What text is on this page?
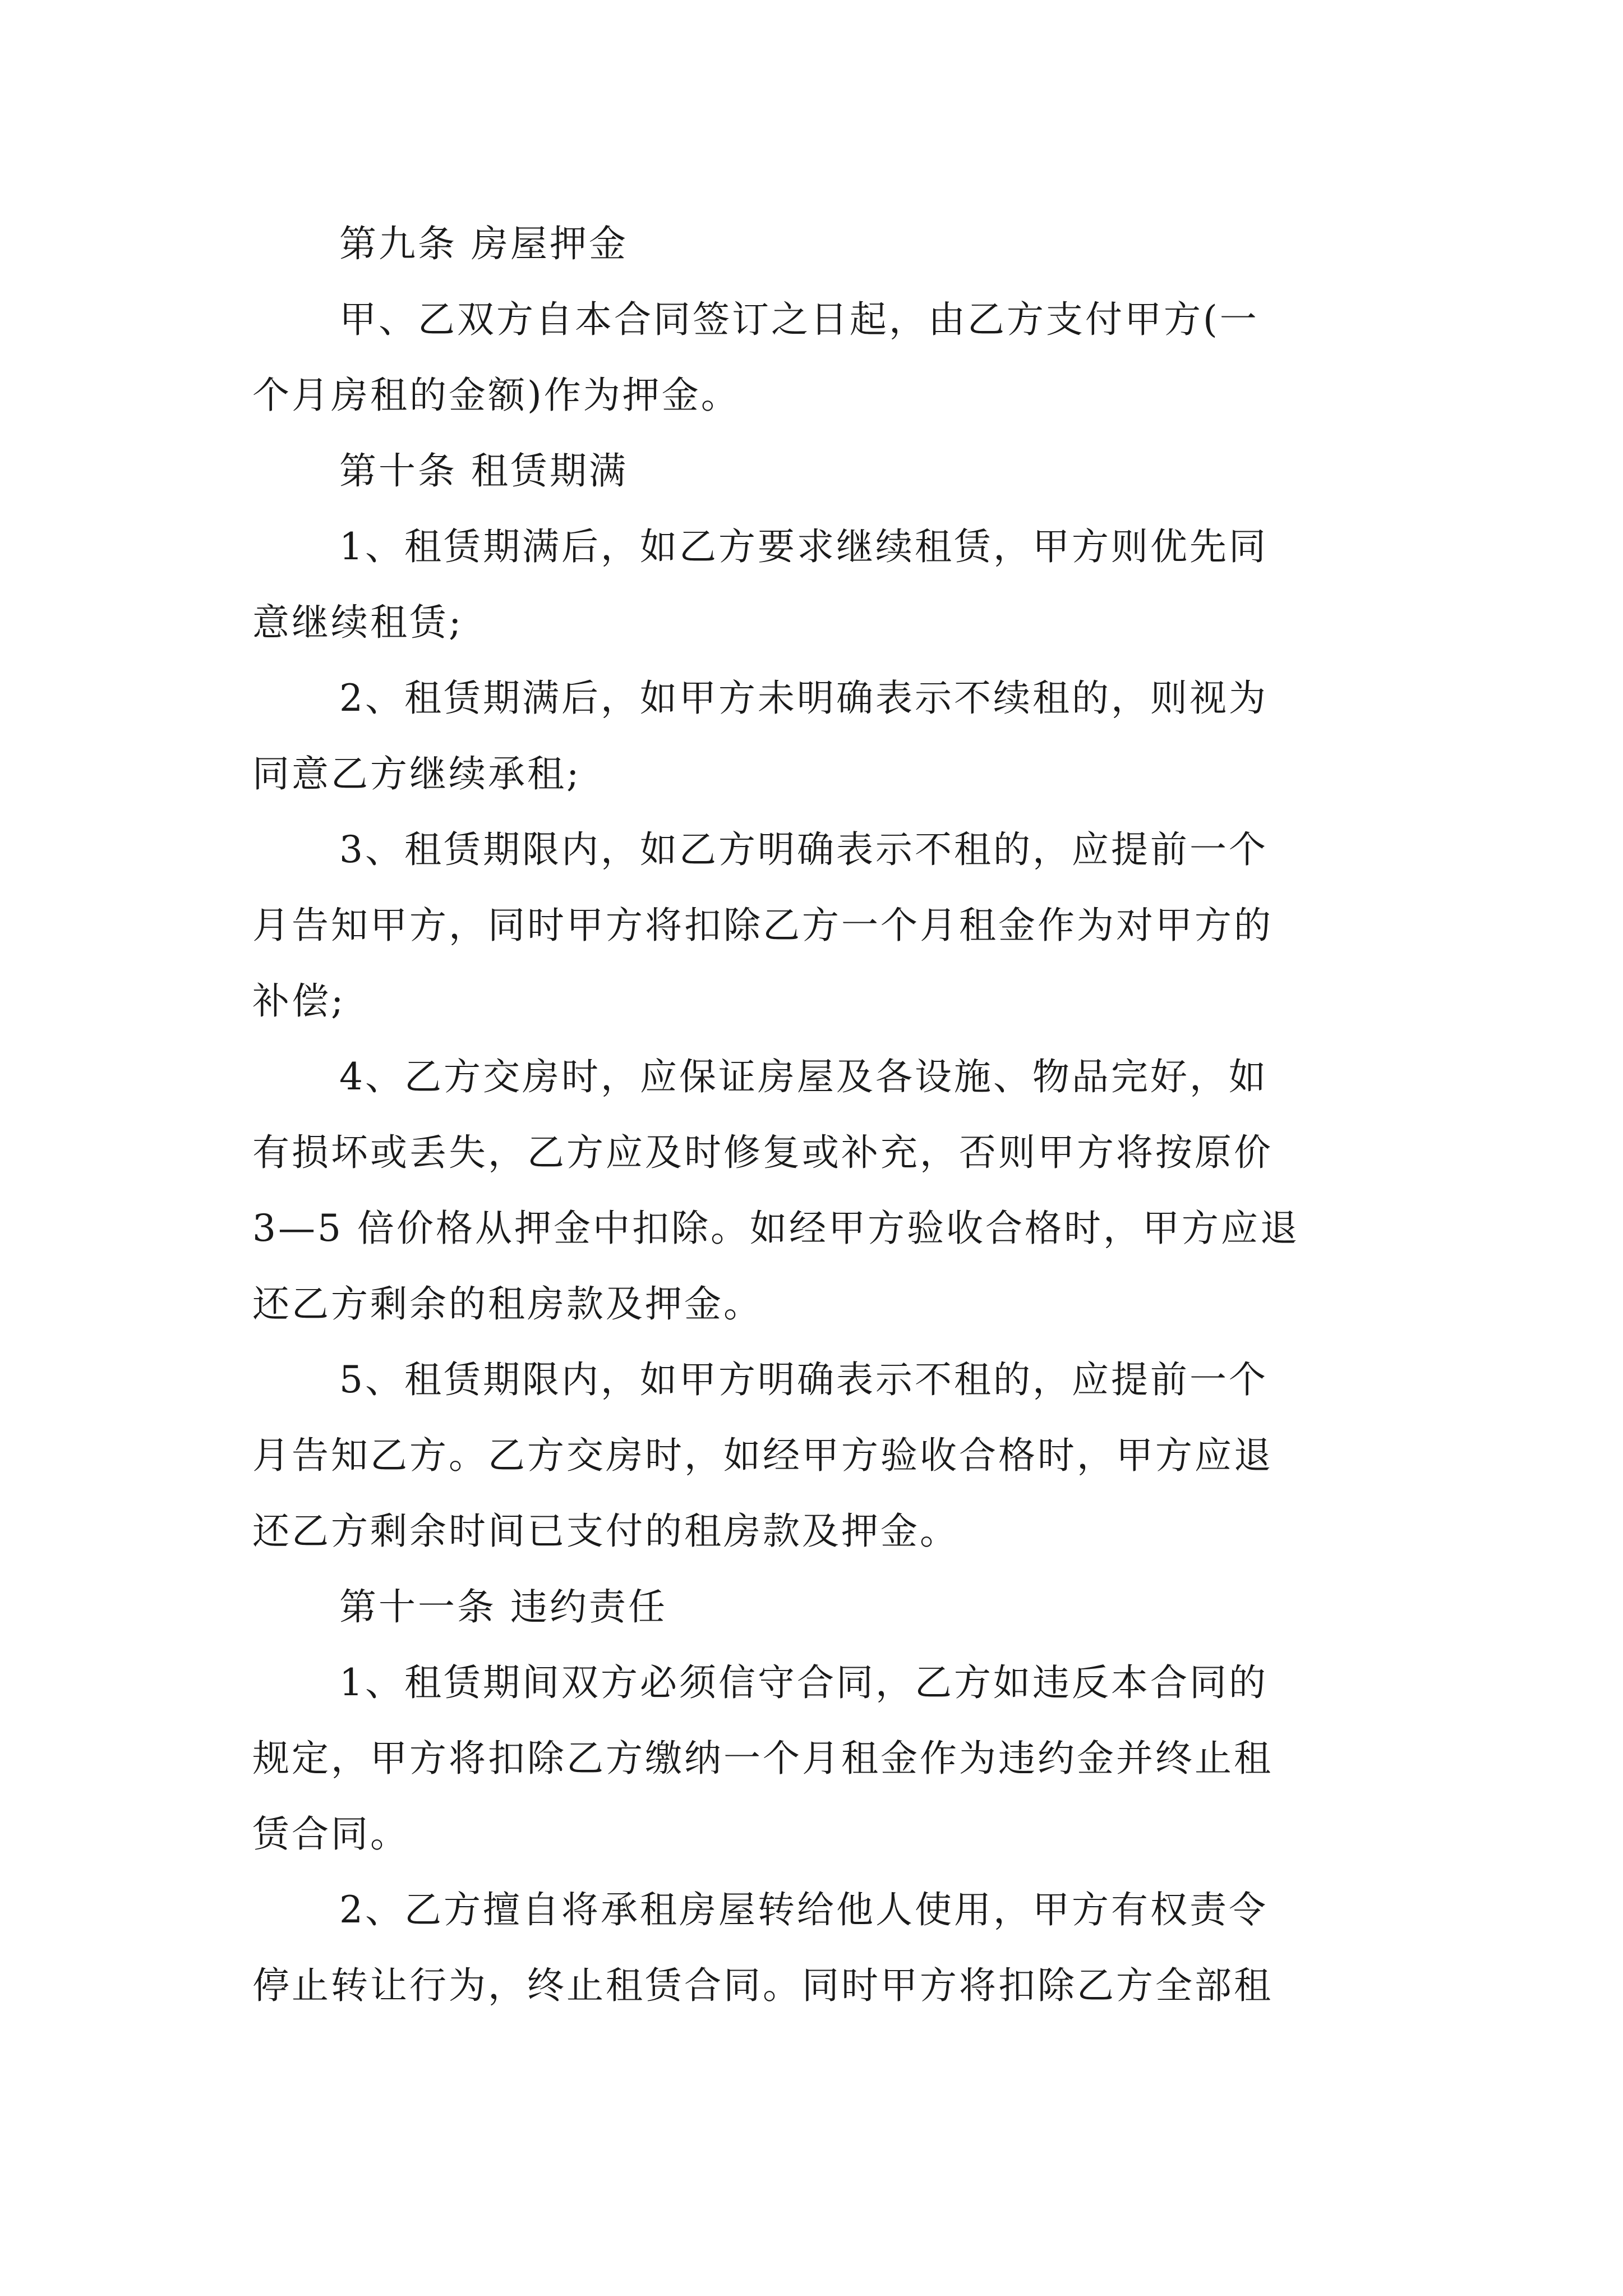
第九条 房屋押金
甲、乙双方自本合同签订之日起，由乙方支付甲方(一
个月房租的金额)作为押金。
第十条 租赁期满
1、租赁期满后，如乙方要求继续租赁，甲方则优先同
意继续租赁;
2、租赁期满后，如甲方未明确表示不续租的，则视为
同意乙方继续承租;
3、租赁期限内，如乙方明确表示不租的，应提前一个
月告知甲方，同时甲方将扣除乙方一个月租金作为对甲方的
补偿;
4、乙方交房时，应保证房屋及各设施、物品完好，如
有损坏或丢失，乙方应及时修复或补充，否则甲方将按原价
3—5 倍价格从押金中扣除。如经甲方验收合格时，甲方应退
还乙方剩余的租房款及押金。
5、租赁期限内，如甲方明确表示不租的，应提前一个
月告知乙方。乙方交房时，如经甲方验收合格时，甲方应退
还乙方剩余时间已支付的租房款及押金。
第十一条 违约责任
1、租赁期间双方必须信守合同，乙方如违反本合同的
规定，甲方将扣除乙方缴纳一个月租金作为违约金并终止租
赁合同。
2、乙方擅自将承租房屋转给他人使用，甲方有权责令
停止转让行为，终止租赁合同。同时甲方将扣除乙方全部租
